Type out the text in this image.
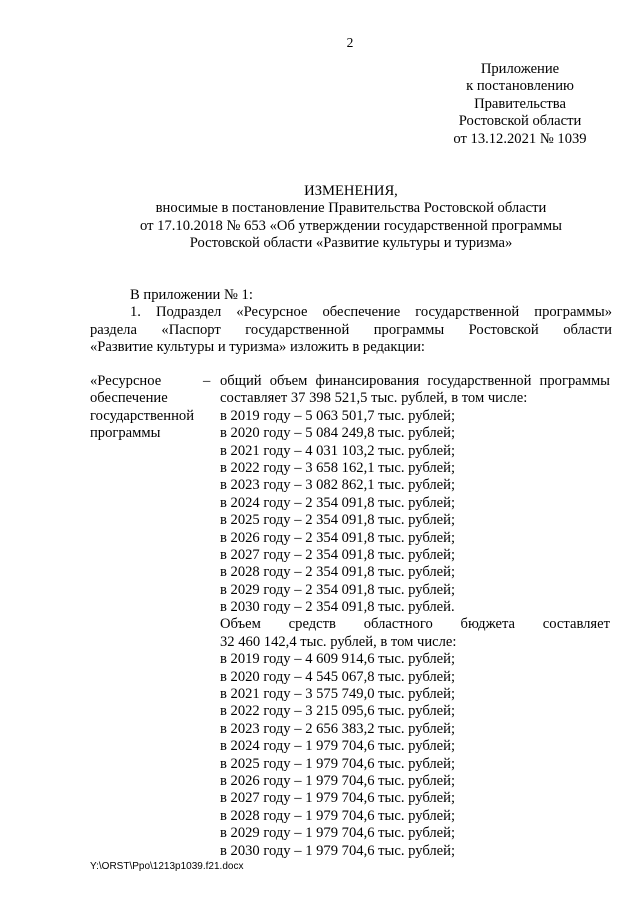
2
Приложение
к постановлению
Правительства
Ростовской области
от 13.12.2021 № 1039
ИЗМЕНЕНИЯ,
вносимые в постановление Правительства Ростовской области
от 17.10.2018 № 653 «Об утверждении государственной программы
Ростовской области «Развитие культуры и туризма»
В приложении № 1:
1. Подраздел «Ресурсное обеспечение государственной программы»
раздела «Паспорт государственной программы Ростовской области
«Развитие культуры и туризма» изложить в редакции:
«Ресурсное
обеспечение
государственной
программы
– общий объем финансирования государственной программы
составляет 37 398 521,5 тыс. рублей, в том числе:
в 2019 году – 5 063 501,7 тыс. рублей;
в 2020 году – 5 084 249,8 тыс. рублей;
в 2021 году – 4 031 103,2 тыс. рублей;
в 2022 году – 3 658 162,1 тыс. рублей;
в 2023 году – 3 082 862,1 тыс. рублей;
в 2024 году – 2 354 091,8 тыс. рублей;
в 2025 году – 2 354 091,8 тыс. рублей;
в 2026 году – 2 354 091,8 тыс. рублей;
в 2027 году – 2 354 091,8 тыс. рублей;
в 2028 году – 2 354 091,8 тыс. рублей;
в 2029 году – 2 354 091,8 тыс. рублей;
в 2030 году – 2 354 091,8 тыс. рублей.
Объем средств областного бюджета составляет
32 460 142,4 тыс. рублей, в том числе:
в 2019 году – 4 609 914,6 тыс. рублей;
в 2020 году – 4 545 067,8 тыс. рублей;
в 2021 году – 3 575 749,0 тыс. рублей;
в 2022 году – 3 215 095,6 тыс. рублей;
в 2023 году – 2 656 383,2 тыс. рублей;
в 2024 году – 1 979 704,6 тыс. рублей;
в 2025 году – 1 979 704,6 тыс. рублей;
в 2026 году – 1 979 704,6 тыс. рублей;
в 2027 году – 1 979 704,6 тыс. рублей;
в 2028 году – 1 979 704,6 тыс. рублей;
в 2029 году – 1 979 704,6 тыс. рублей;
в 2030 году – 1 979 704,6 тыс. рублей;
Y:\ORST\Ppo\1213p1039.f21.docx
